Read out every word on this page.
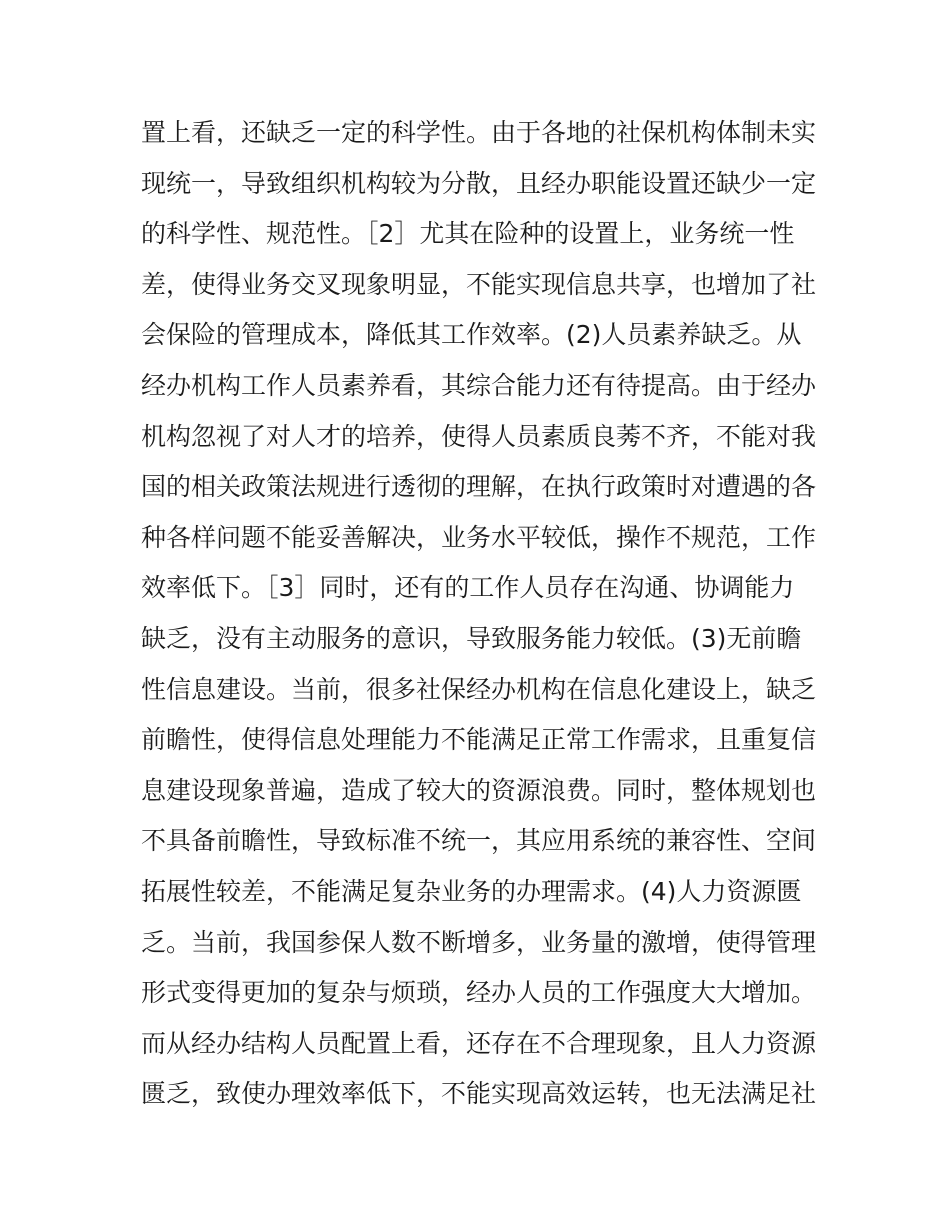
置上看，还缺乏一定的科学性。由于各地的社保机构体制未实
现统一，导致组织机构较为分散，且经办职能设置还缺少一定
的科学性、规范性。［2］尤其在险种的设置上，业务统一性
差，使得业务交叉现象明显，不能实现信息共享，也增加了社
会保险的管理成本，降低其工作效率。(2)人员素养缺乏。从
经办机构工作人员素养看，其综合能力还有待提高。由于经办
机构忽视了对人才的培养，使得人员素质良莠不齐，不能对我
国的相关政策法规进行透彻的理解，在执行政策时对遭遇的各
种各样问题不能妥善解决，业务水平较低，操作不规范，工作
效率低下。［3］同时，还有的工作人员存在沟通、协调能力
缺乏，没有主动服务的意识，导致服务能力较低。(3)无前瞻
性信息建设。当前，很多社保经办机构在信息化建设上，缺乏
前瞻性，使得信息处理能力不能满足正常工作需求，且重复信
息建设现象普遍，造成了较大的资源浪费。同时，整体规划也
不具备前瞻性，导致标准不统一，其应用系统的兼容性、空间
拓展性较差，不能满足复杂业务的办理需求。(4)人力资源匮
乏。当前，我国参保人数不断增多，业务量的激增，使得管理
形式变得更加的复杂与烦琐，经办人员的工作强度大大增加。
而从经办结构人员配置上看，还存在不合理现象，且人力资源
匮乏，致使办理效率低下，不能实现高效运转，也无法满足社
